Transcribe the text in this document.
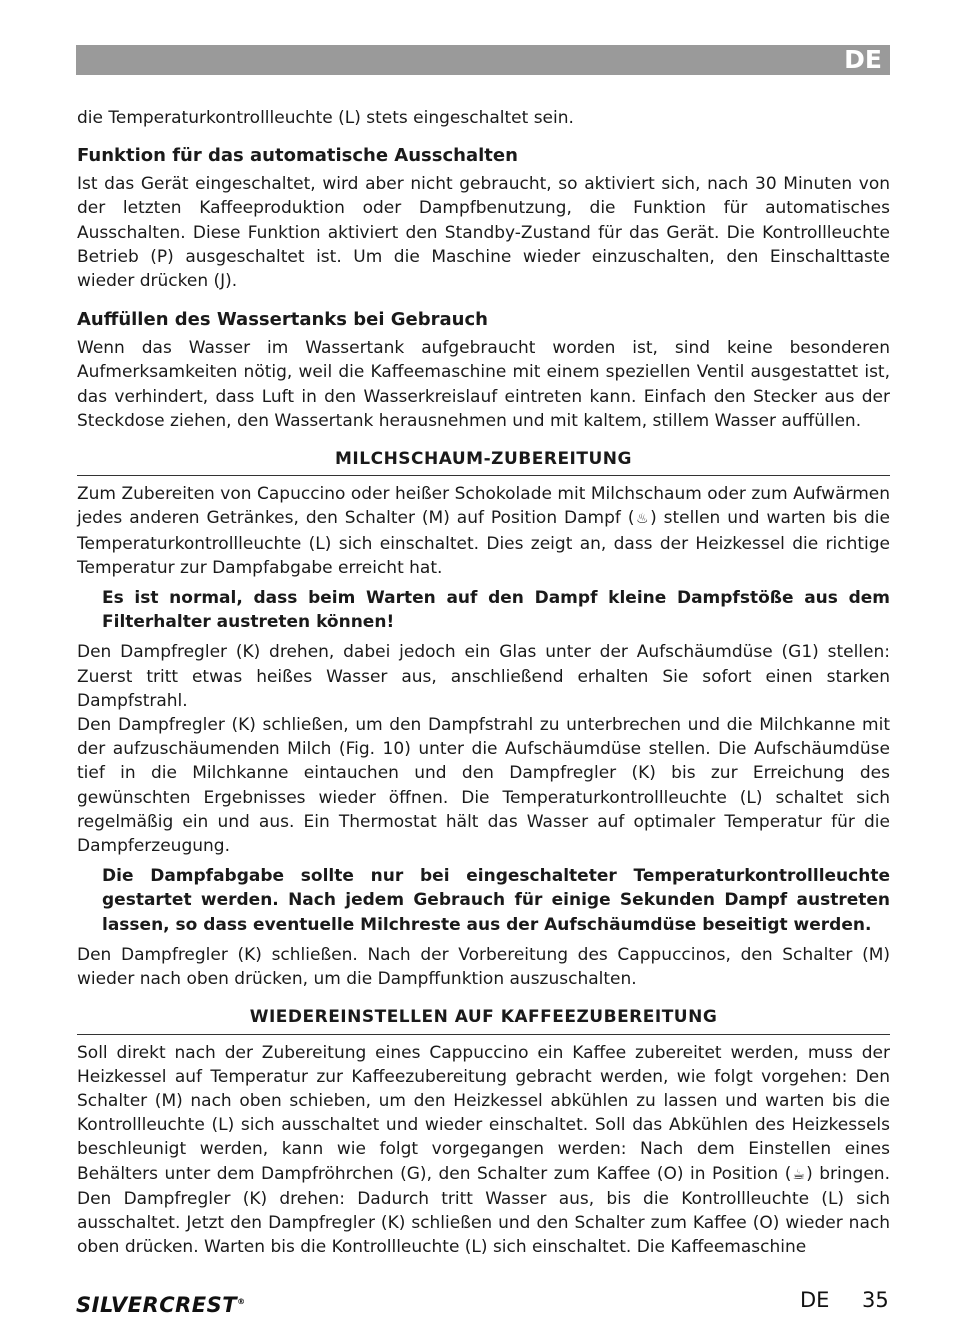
DE

die Temperaturkontrollleuchte (L) stets eingeschaltet sein.

Funktion für das automatische Ausschalten

Ist das Gerät eingeschaltet, wird aber nicht gebraucht, so aktiviert sich, nach 30 Minuten von der letzten Kaffeeproduktion oder Dampfbenutzung, die Funktion für automatisches Ausschalten. Diese Funktion aktiviert den Standby-Zustand für das Gerät. Die Kontrollleuchte Betrieb (P) ausgeschaltet ist. Um die Maschine wieder einzuschalten, den Einschalttaste wieder drücken (J).

Auffüllen des Wassertanks bei Gebrauch

Wenn das Wasser im Wassertank aufgebraucht worden ist, sind keine besonderen Aufmerksamkeiten nötig, weil die Kaffeemaschine mit einem speziellen Ventil ausgestattet ist, das verhindert, dass Luft in den Wasserkreislauf eintreten kann. Einfach den Stecker aus der Steckdose ziehen, den Wassertank herausnehmen und mit kaltem, stillem Wasser auffüllen.

MILCHSCHAUM-ZUBEREITUNG

Zum Zubereiten von Capuccino oder heißer Schokolade mit Milchschaum oder zum Aufwärmen jedes anderen Getränkes, den Schalter (M) auf Position Dampf (♨) stellen und warten bis die Temperaturkontrollleuchte (L) sich einschaltet. Dies zeigt an, dass der Heizkessel die richtige Temperatur zur Dampfabgabe erreicht hat.

Es ist normal, dass beim Warten auf den Dampf kleine Dampfstöße aus dem Filterhalter austreten können!

Den Dampfregler (K) drehen, dabei jedoch ein Glas unter der Aufschäumdüse (G1) stellen: Zuerst tritt etwas heißes Wasser aus, anschließend erhalten Sie sofort einen starken Dampfstrahl.

Den Dampfregler (K) schließen, um den Dampfstrahl zu unterbrechen und die Milchkanne mit der aufzuschäumenden Milch (Fig. 10) unter die Aufschäumdüse stellen. Die Aufschäumdüse tief in die Milchkanne eintauchen und den Dampfregler (K) bis zur Erreichung des gewünschten Ergebnisses wieder öffnen. Die Temperaturkontrollleuchte (L) schaltet sich regelmäßig ein und aus. Ein Thermostat hält das Wasser auf optimaler Temperatur für die Dampferzeugung.

Die Dampfabgabe sollte nur bei eingeschalteter Temperaturkontrollleuchte gestartet werden. Nach jedem Gebrauch für einige Sekunden Dampf austreten lassen, so dass eventuelle Milchreste aus der Aufschäumdüse beseitigt werden.

Den Dampfregler (K) schließen. Nach der Vorbereitung des Cappuccinos, den Schalter (M) wieder nach oben drücken, um die Dampffunktion auszuschalten.

WIEDEREINSTELLEN AUF KAFFEEZUBEREITUNG

Soll direkt nach der Zubereitung eines Cappuccino ein Kaffee zubereitet werden, muss der Heizkessel auf Temperatur zur Kaffeezubereitung gebracht werden, wie folgt vorgehen: Den Schalter (M) nach oben schieben, um den Heizkessel abkühlen zu lassen und warten bis die Kontrollleuchte (L) sich ausschaltet und wieder einschaltet. Soll das Abkühlen des Heizkessels beschleunigt werden, kann wie folgt vorgegangen werden: Nach dem Einstellen eines Behälters unter dem Dampfröhrchen (G), den Schalter zum Kaffee (O) in Position (☕) bringen. Den Dampfregler (K) drehen: Dadurch tritt Wasser aus, bis die Kontrollleuchte (L) sich ausschaltet. Jetzt den Dampfregler (K) schließen und den Schalter zum Kaffee (O) wieder nach oben drücken. Warten bis die Kontrollleuchte (L) sich einschaltet. Die Kaffeemaschine

SILVERCREST®	DE 35
